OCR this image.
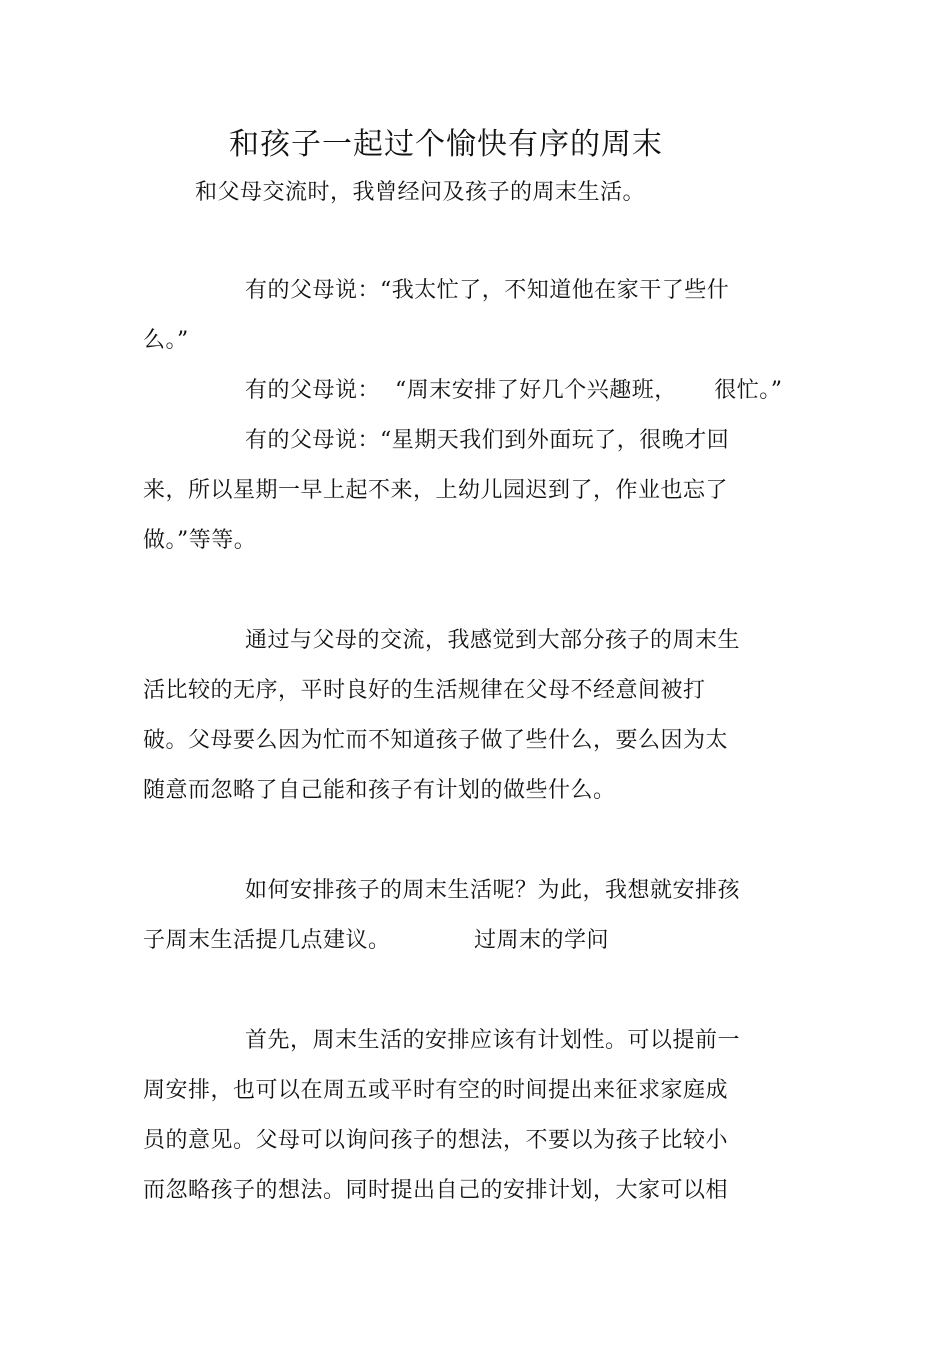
和孩子一起过个愉快有序的周末
和父母交流时，我曾经问及孩子的周末生活。
有的父母说：“我太忙了，不知道他在家干了些什
么。”
有的父母说：  “周末安排了好几个兴趣班，     很忙。”
有的父母说：“星期天我们到外面玩了，很晚才回
来，所以星期一早上起不来，上幼儿园迟到了，作业也忘了
做。”等等。
通过与父母的交流，我感觉到大部分孩子的周末生
活比较的无序，平时良好的生活规律在父母不经意间被打
破。父母要么因为忙而不知道孩子做了些什么，要么因为太
随意而忽略了自己能和孩子有计划的做些什么。
如何安排孩子的周末生活呢？为此，我想就安排孩
子周末生活提几点建议。	过周末的学问
首先，周末生活的安排应该有计划性。可以提前一
周安排，也可以在周五或平时有空的时间提出来征求家庭成
员的意见。父母可以询问孩子的想法，不要以为孩子比较小
而忽略孩子的想法。同时提出自己的安排计划，大家可以相
